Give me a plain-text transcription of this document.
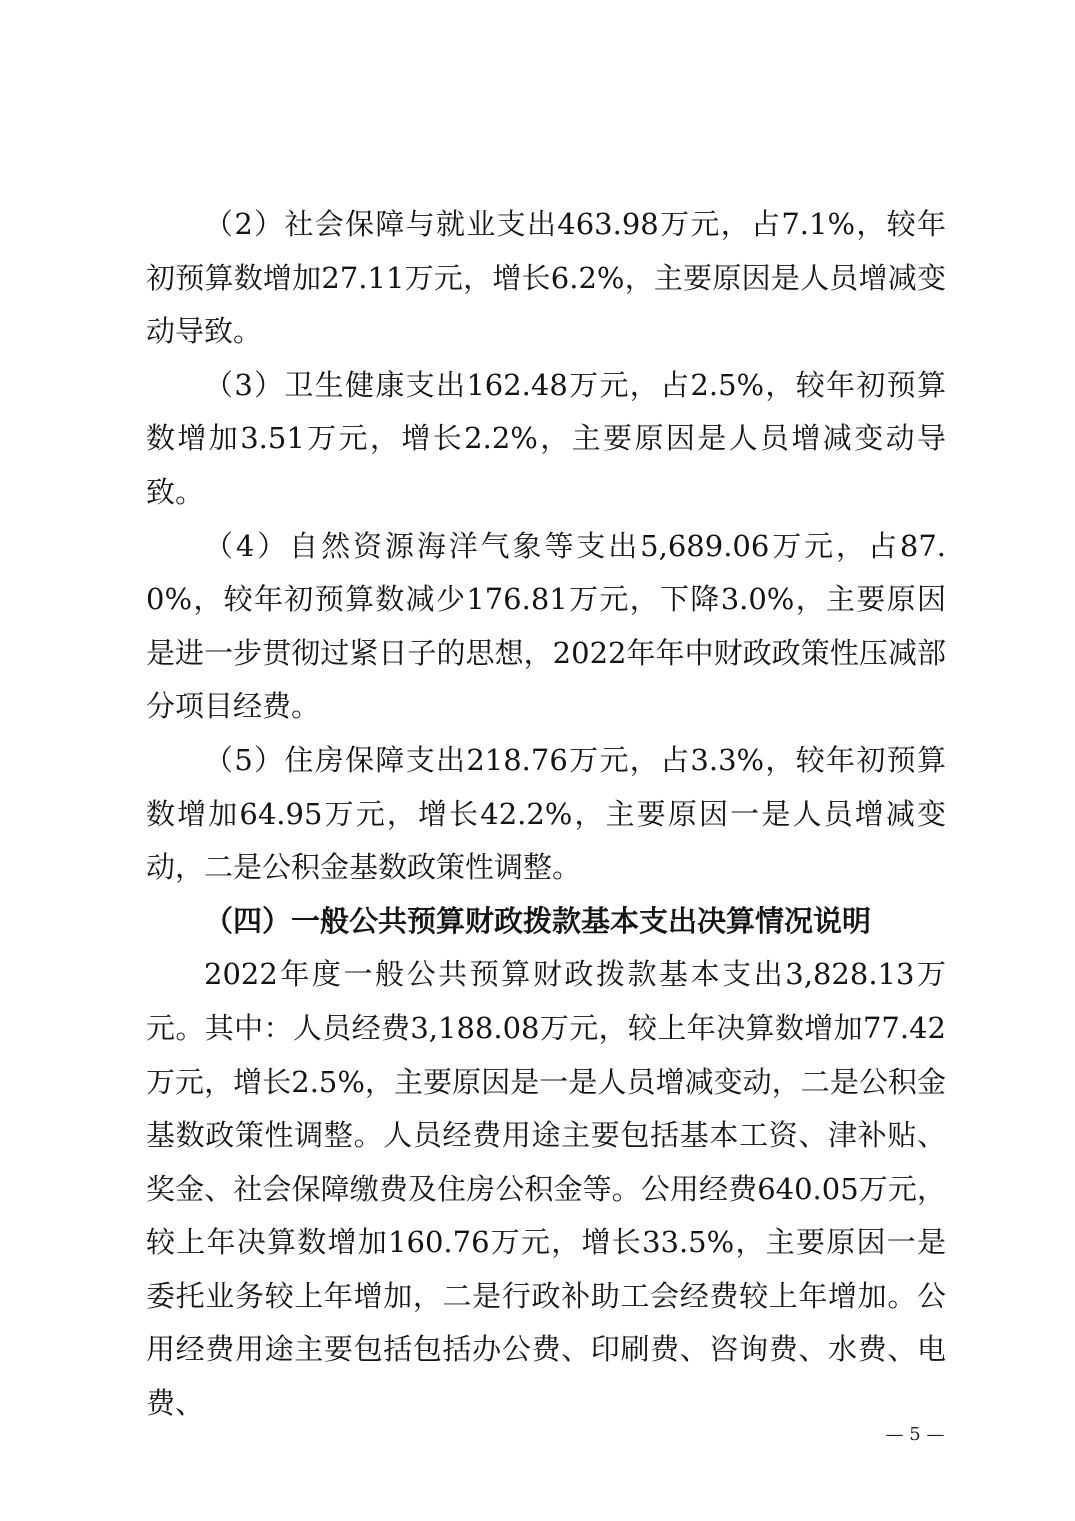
（2）社会保障与就业支出463.98万元，占7.1%，较年初预算数增加27.11万元，增长6.2%，主要原因是人员增减变动导致。

（3）卫生健康支出162.48万元，占2.5%，较年初预算数增加3.51万元，增长2.2%，主要原因是人员增减变动导致。

（4）自然资源海洋气象等支出5,689.06万元，占87.0%，较年初预算数减少176.81万元，下降3.0%，主要原因是进一步贯彻过紧日子的思想，2022年年中财政政策性压减部分项目经费。

（5）住房保障支出218.76万元，占3.3%，较年初预算数增加64.95万元，增长42.2%，主要原因一是人员增减变动，二是公积金基数政策性调整。

（四）一般公共预算财政拨款基本支出决算情况说明

2022年度一般公共预算财政拨款基本支出3,828.13万元。其中：人员经费3,188.08万元，较上年决算数增加77.42万元，增长2.5%，主要原因是一是人员增减变动，二是公积金基数政策性调整。人员经费用途主要包括基本工资、津补贴、奖金、社会保障缴费及住房公积金等。公用经费640.05万元，较上年决算数增加160.76万元，增长33.5%，主要原因一是委托业务较上年增加，二是行政补助工会经费较上年增加。公用经费用途主要包括包括办公费、印刷费、咨询费、水费、电费、

— 5 —
